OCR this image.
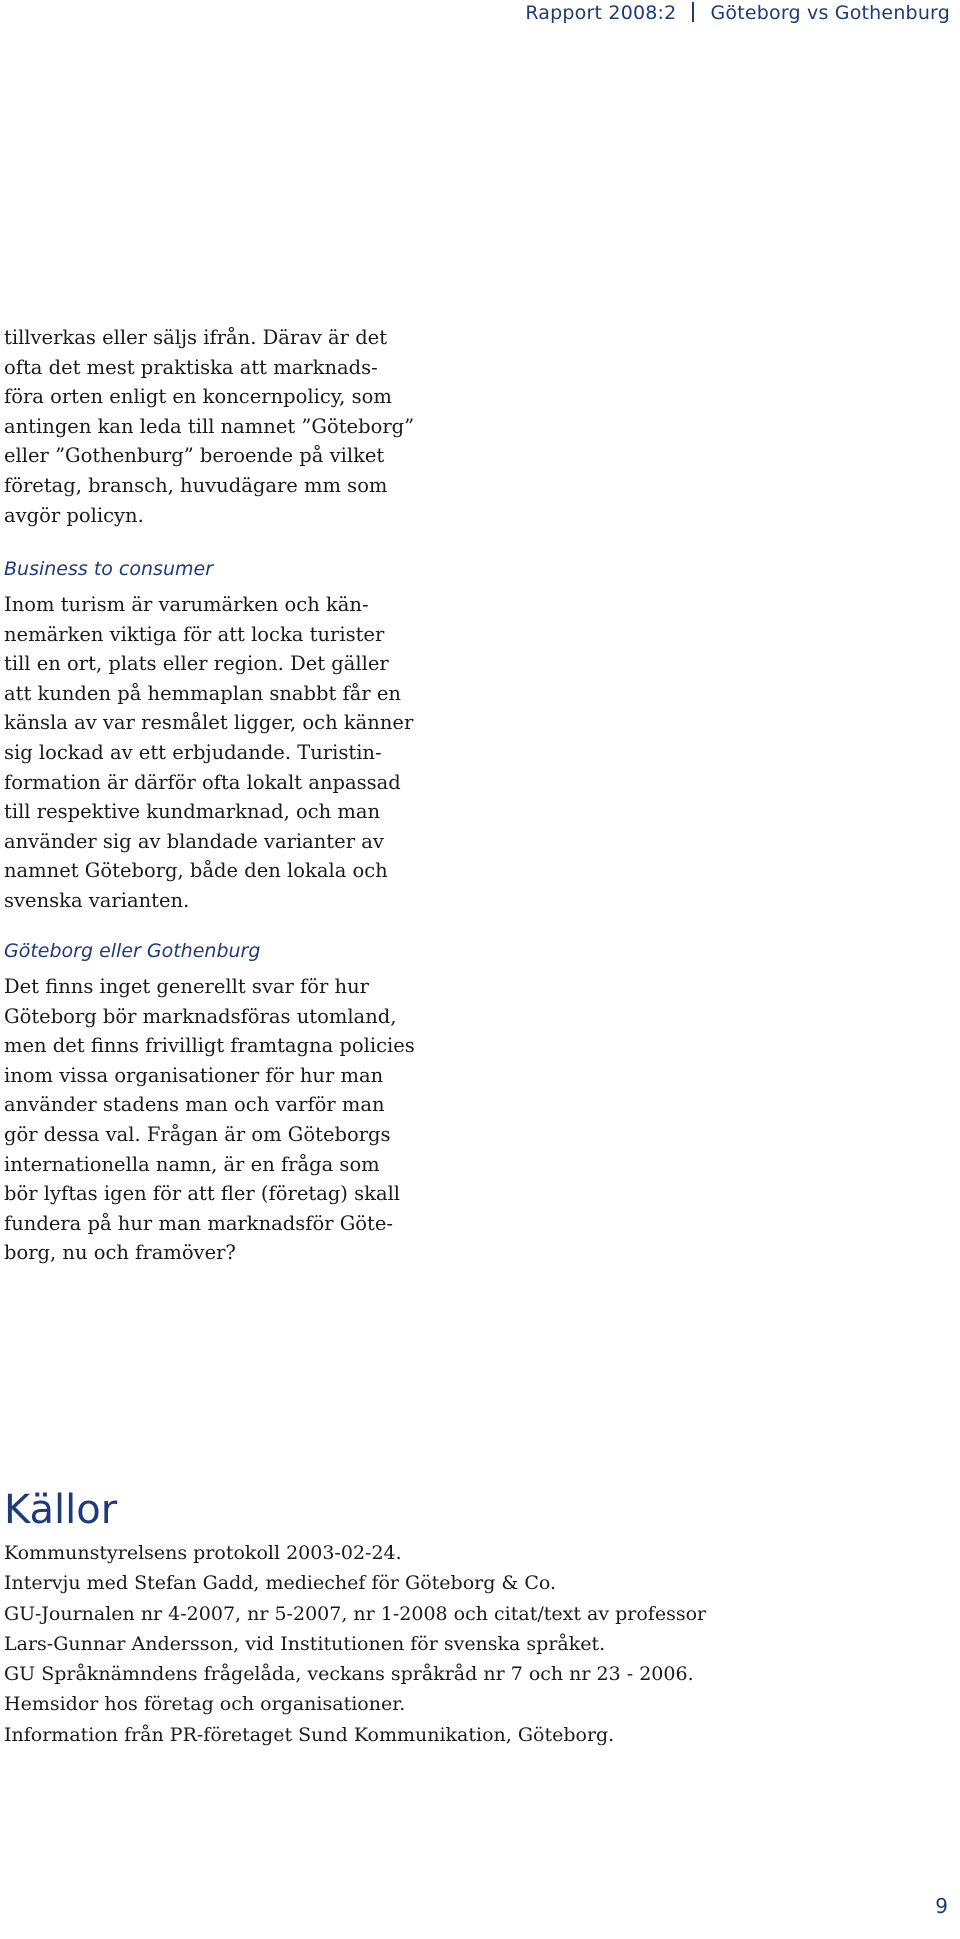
Rapport 2008:2 Göteborg vs Gothenburg

tillverkas eller säljs ifrån. Därav är det

ofta det mest praktiska att marknads-

föra orten enligt en koncernpolicy, som

antingen kan leda till namnet ”Göteborg”

eller ”Gothenburg” beroende på vilket

företag, bransch, huvudägare mm som

avgör policyn.

Business to consumer

Inom turism är varumärken och kän-

nemärken viktiga för att locka turister

till en ort, plats eller region. Det gäller

att kunden på hemmaplan snabbt får en

känsla av var resmålet ligger, och känner

sig lockad av ett erbjudande. Turistin-

formation är därför ofta lokalt anpassad

till respektive kundmarknad, och man

använder sig av blandade varianter av

namnet Göteborg, både den lokala och

svenska varianten.

Göteborg eller Gothenburg

Det finns inget generellt svar för hur

Göteborg bör marknadsföras utomland,

men det finns frivilligt framtagna policies

inom vissa organisationer för hur man

använder stadens man och varför man

gör dessa val. Frågan är om Göteborgs

internationella namn, är en fråga som

bör lyftas igen för att fler (företag) skall

fundera på hur man marknadsför Göte-

borg, nu och framöver?

Källor
Kommunstyrelsens protokoll 2003-02-24.
Intervju med Stefan Gadd, mediechef för Göteborg & Co.
GU-Journalen nr 4-2007, nr 5-2007, nr 1-2008 och citat/text av professor
Lars-Gunnar Andersson, vid Institutionen för svenska språket.
GU Språknämndens frågelåda, veckans språkråd nr 7 och nr 23 - 2006.
Hemsidor hos företag och organisationer.
Information från PR-företaget Sund Kommunikation, Göteborg.
9
